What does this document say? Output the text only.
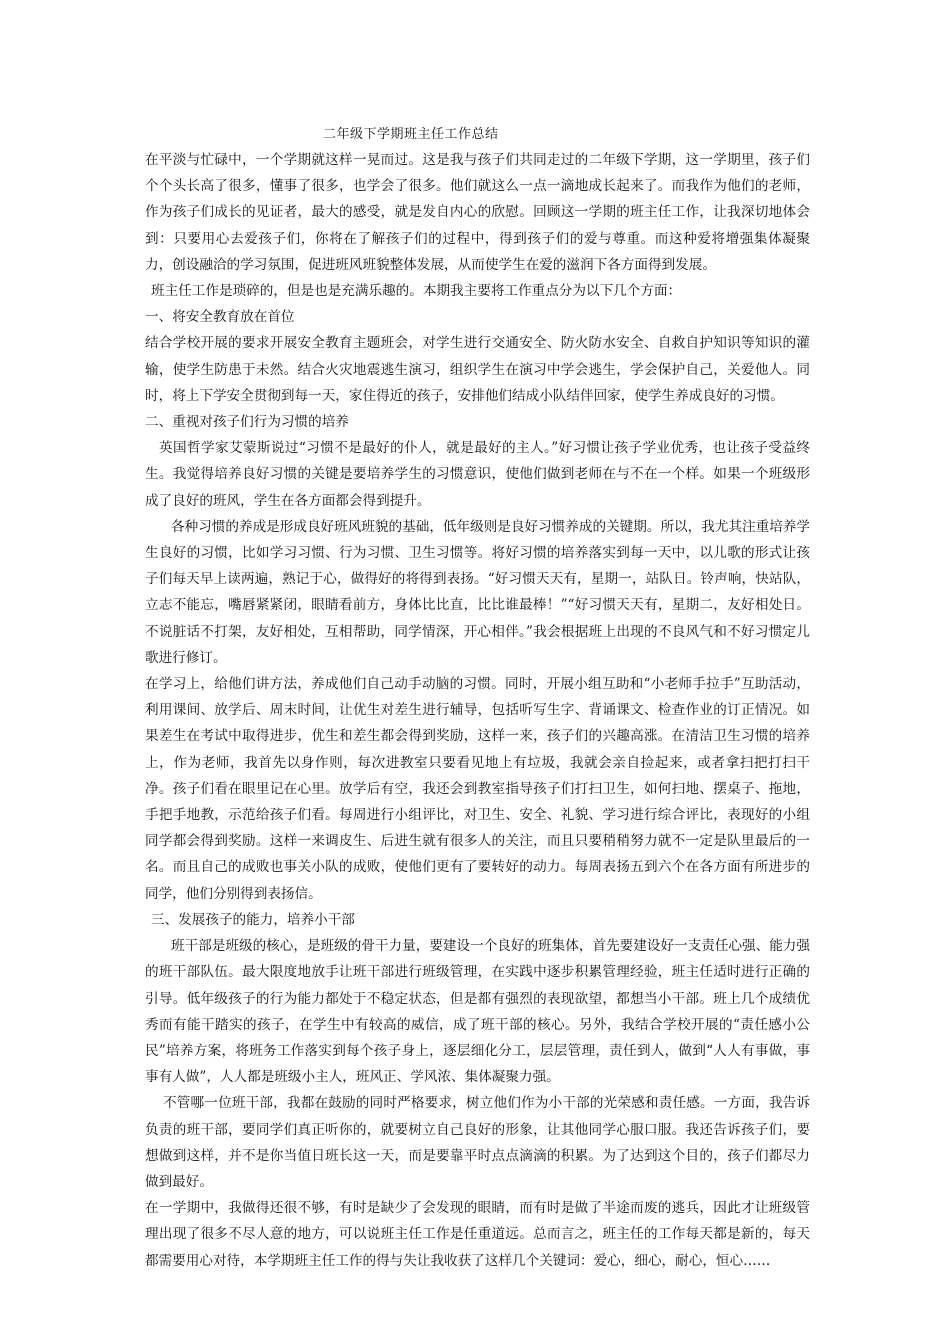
二年级下学期班主任工作总结

在平淡与忙碌中，一个学期就这样一晃而过。这是我与孩子们共同走过的二年级下学期，这一学期里，孩子们个个头长高了很多，懂事了很多，也学会了很多。他们就这么一点一滴地成长起来了。而我作为他们的老师，作为孩子们成长的见证者，最大的感受，就是发自内心的欣慰。回顾这一学期的班主任工作，让我深切地体会到：只要用心去爱孩子们，你将在了解孩子们的过程中，得到孩子们的爱与尊重。而这种爱将增强集体凝聚力，创设融洽的学习氛围，促进班风班貌整体发展，从而使学生在爱的滋润下各方面得到发展。

班主任工作是琐碎的，但是也是充满乐趣的。本期我主要将工作重点分为以下几个方面：

一、将安全教育放在首位

结合学校开展的要求开展安全教育主题班会，对学生进行交通安全、防火防水安全、自救自护知识等知识的灌输，使学生防患于未然。结合火灾地震逃生演习，组织学生在演习中学会逃生，学会保护自己，关爱他人。同时，将上下学安全贯彻到每一天，家住得近的孩子，安排他们结成小队结伴回家，使学生养成良好的习惯。

二、重视对孩子们行为习惯的培养

英国哲学家艾蒙斯说过“习惯不是最好的仆人，就是最好的主人。”好习惯让孩子学业优秀，也让孩子受益终生。我觉得培养良好习惯的关键是要培养学生的习惯意识，使他们做到老师在与不在一个样。如果一个班级形成了良好的班风，学生在各方面都会得到提升。

各种习惯的养成是形成良好班风班貌的基础，低年级则是良好习惯养成的关键期。所以，我尤其注重培养学生良好的习惯，比如学习习惯、行为习惯、卫生习惯等。将好习惯的培养落实到每一天中，以儿歌的形式让孩子们每天早上读两遍，熟记于心，做得好的将得到表扬。“好习惯天天有，星期一，站队日。铃声响，快站队，立志不能忘，嘴唇紧紧闭，眼睛看前方，身体比比直，比比谁最棒！”“好习惯天天有，星期二，友好相处日。不说脏话不打架，友好相处，互相帮助，同学情深，开心相伴。”我会根据班上出现的不良风气和不好习惯定儿歌进行修订。

在学习上，给他们讲方法，养成他们自己动手动脑的习惯。同时，开展小组互助和“小老师手拉手”互助活动，利用课间、放学后、周末时间，让优生对差生进行辅导，包括听写生字、背诵课文、检查作业的订正情况。如果差生在考试中取得进步，优生和差生都会得到奖励，这样一来，孩子们的兴趣高涨。在清洁卫生习惯的培养上，作为老师，我首先以身作则，每次进教室只要看见地上有垃圾，我就会亲自捡起来，或者拿扫把打扫干净。孩子们看在眼里记在心里。放学后有空，我还会到教室指导孩子们打扫卫生，如何扫地、摆桌子、拖地，手把手地教，示范给孩子们看。每周进行小组评比，对卫生、安全、礼貌、学习进行综合评比，表现好的小组同学都会得到奖励。这样一来调皮生、后进生就有很多人的关注，而且只要稍稍努力就不一定是队里最后的一名。而且自己的成败也事关小队的成败，使他们更有了要转好的动力。每周表扬五到六个在各方面有所进步的同学，他们分别得到表扬信。

三、发展孩子的能力，培养小干部

班干部是班级的核心，是班级的骨干力量，要建设一个良好的班集体，首先要建设好一支责任心强、能力强的班干部队伍。最大限度地放手让班干部进行班级管理，在实践中逐步积累管理经验，班主任适时进行正确的引导。低年级孩子的行为能力都处于不稳定状态，但是都有强烈的表现欲望，都想当小干部。班上几个成绩优秀而有能干踏实的孩子，在学生中有较高的威信，成了班干部的核心。另外，我结合学校开展的“责任感小公民”培养方案，将班务工作落实到每个孩子身上，逐层细化分工，层层管理，责任到人，做到“人人有事做，事事有人做”，人人都是班级小主人，班风正、学风浓、集体凝聚力强。

不管哪一位班干部，我都在鼓励的同时严格要求，树立他们作为小干部的光荣感和责任感。一方面，我告诉负责的班干部，要同学们真正听你的，就要树立自己良好的形象，让其他同学心服口服。我还告诉孩子们，要想做到这样，并不是你当值日班长这一天，而是要靠平时点点滴滴的积累。为了达到这个目的，孩子们都尽力做到最好。

在一学期中，我做得还很不够，有时是缺少了会发现的眼睛，而有时是做了半途而废的逃兵，因此才让班级管理出现了很多不尽人意的地方，可以说班主任工作是任重道远。总而言之，班主任的工作每天都是新的，每天都需要用心对待，本学期班主任工作的得与失让我收获了这样几个关键词：爱心，细心，耐心，恒心……
